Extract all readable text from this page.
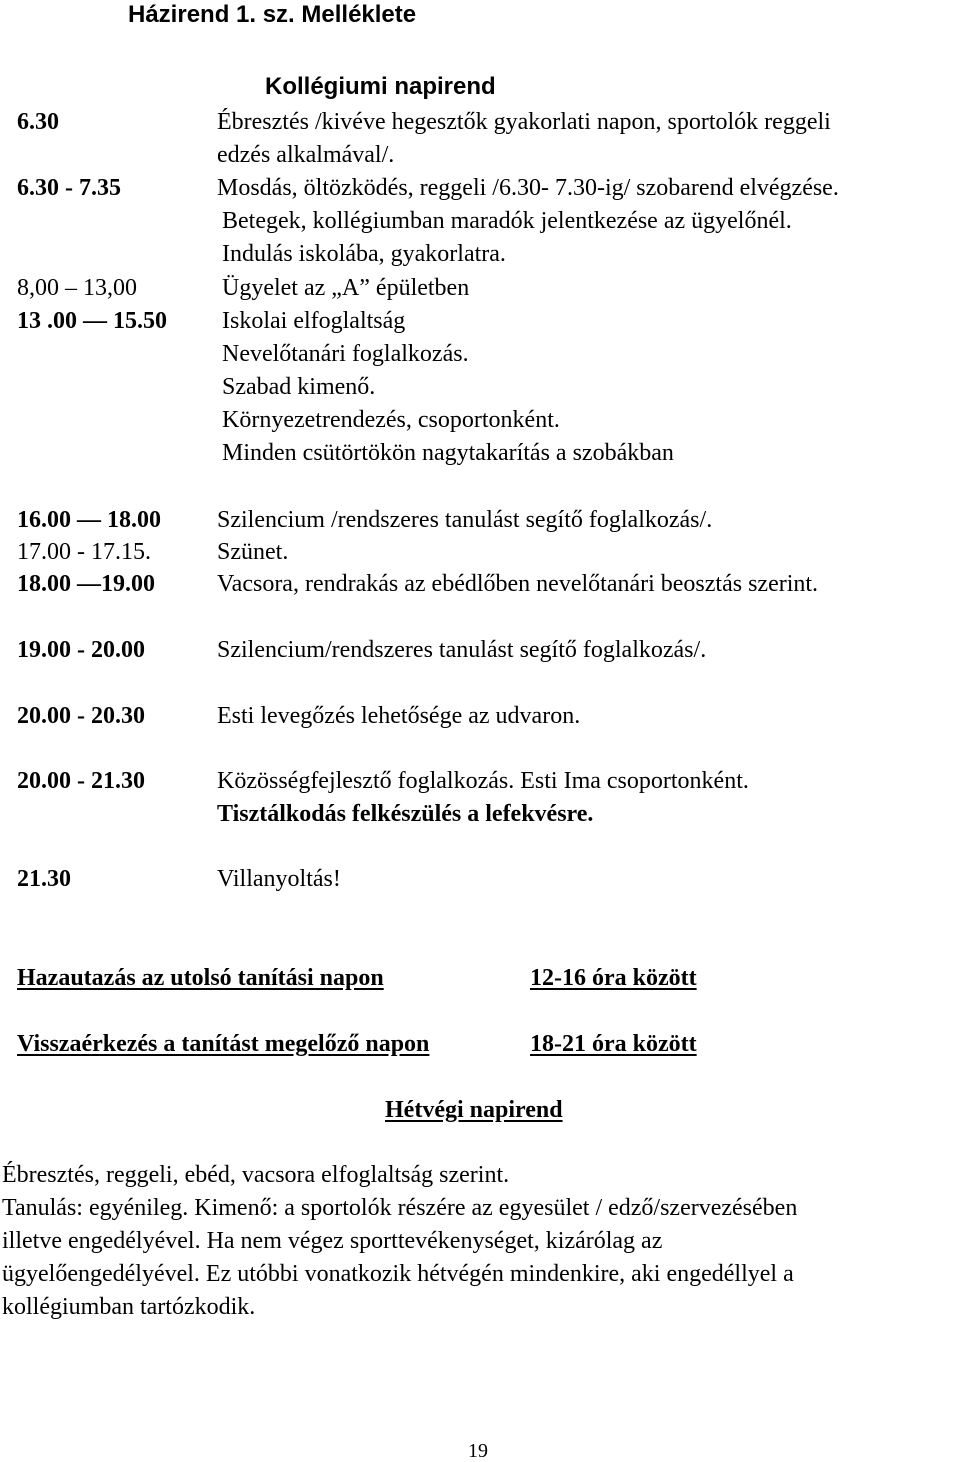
Házirend 1. sz. Melléklete
Kollégiumi napirend
6.30
6.30 - 7.35
8,00 – 13,00
13 .00 — 15.50
16.00 — 18.00
17.00 - 17.15.
18.00 —19.00
19.00 - 20.00
20.00 - 20.30
20.00 - 21.30
21.30
Ébresztés /kivéve hegesztők gyakorlati napon, sportolók reggeli
edzés alkalmával/.
Mosdás, öltözködés, reggeli /6.30- 7.30-ig/ szobarend elvégzése.
Betegek, kollégiumban maradók jelentkezése az ügyelőnél.
Indulás iskolába, gyakorlatra.
Ügyelet az „A” épületben
Iskolai elfoglaltság
Nevelőtanári foglalkozás.
Szabad kimenő.
Környezetrendezés, csoportonként.
Minden csütörtökön nagytakarítás a szobákban
Szilencium /rendszeres tanulást segítő foglalkozás/.
Szünet.
Vacsora, rendrakás az ebédlőben nevelőtanári beosztás szerint.
Szilencium/rendszeres tanulást segítő foglalkozás/.
Esti levegőzés lehetősége az udvaron.
Közösségfejlesztő foglalkozás. Esti Ima csoportonként.
Tisztálkodás felkészülés a lefekvésre.
Villanyoltás!
Hazautazás az utolsó tanítási napon	12-16 óra között
Visszaérkezés a tanítást megelőző napon	18-21 óra között
Hétvégi napirend
Ébresztés, reggeli, ebéd, vacsora elfoglaltság szerint.
Tanulás: egyénileg. Kimenő: a sportolók részére az egyesület / edző/szervezésében
illetve engedélyével. Ha nem végez sporttevékenységet, kizárólag az
ügyelőengedélyével. Ez utóbbi vonatkozik hétvégén mindenkire, aki engedéllyel a
kollégiumban tartózkodik.
19
